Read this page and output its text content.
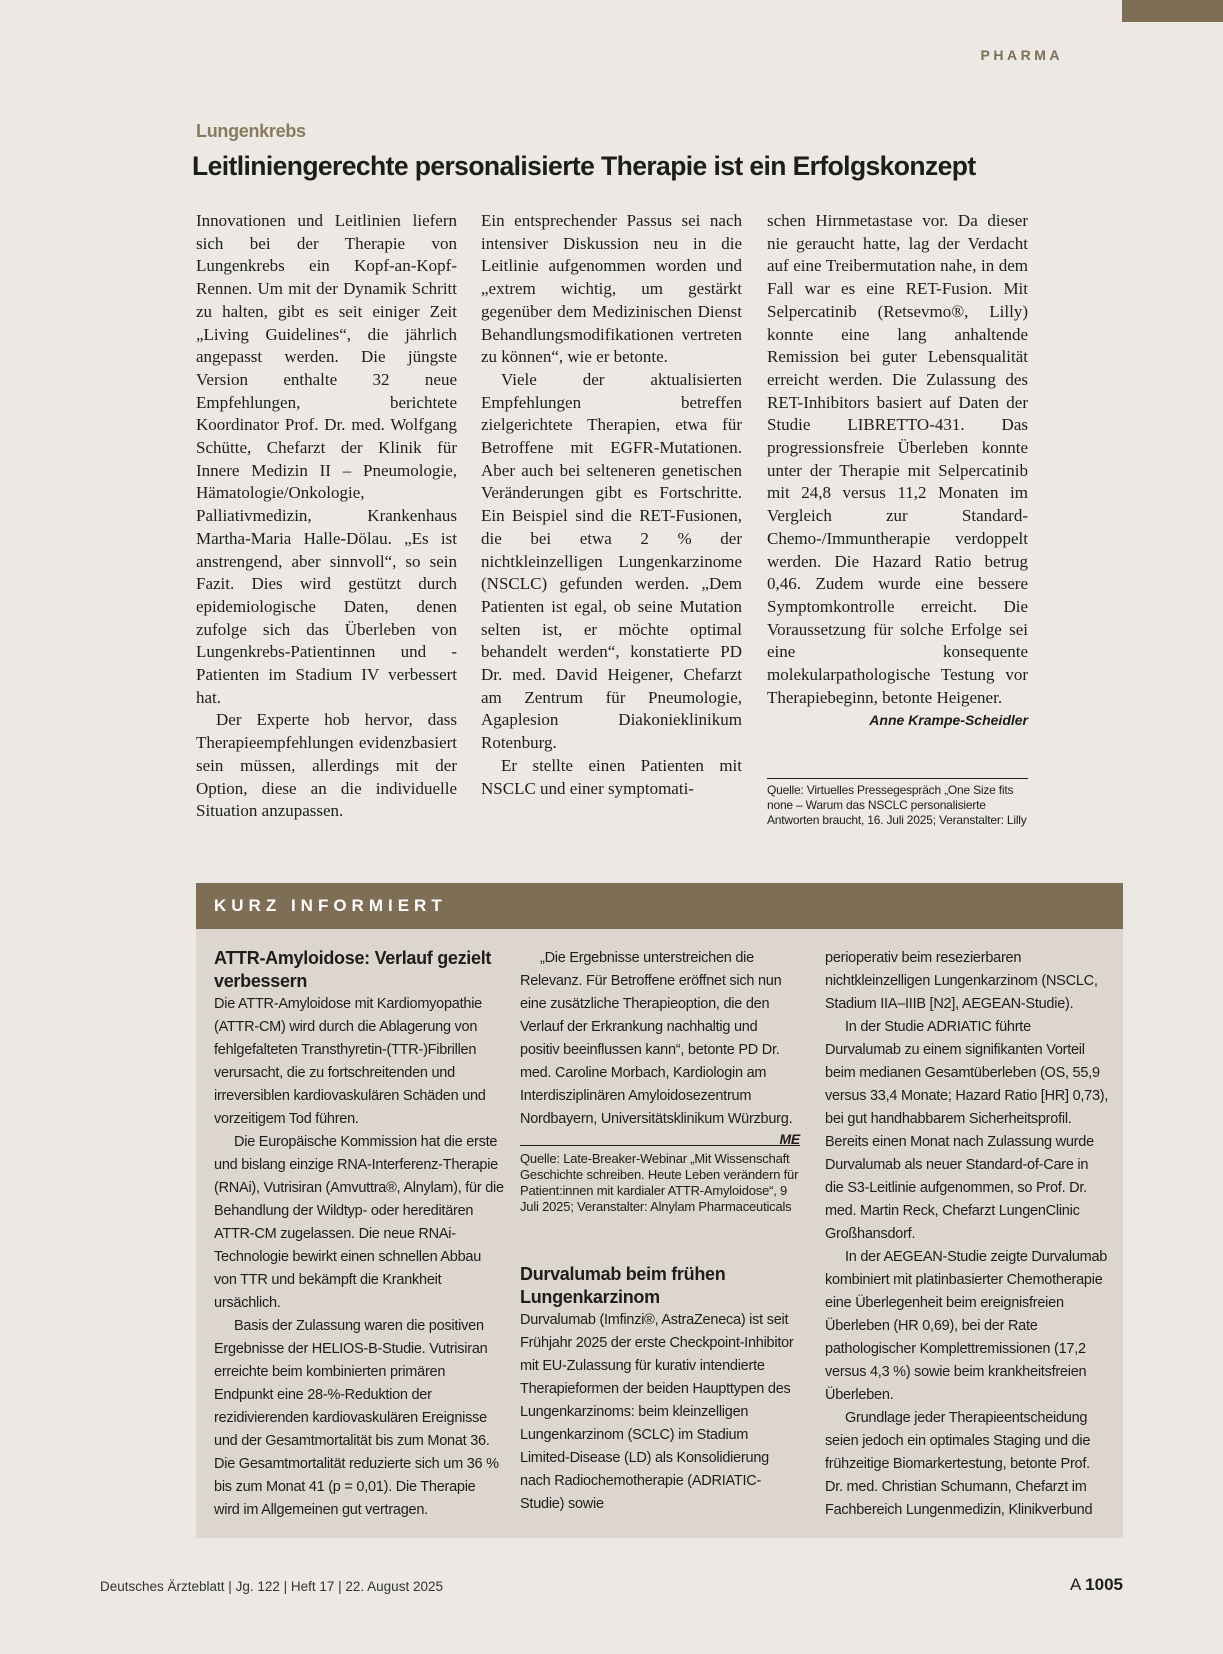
PHARMA
Lungenkrebs
Leitliniengerechte personalisierte Therapie ist ein Erfolgskonzept

Innovationen und Leitlinien liefern sich bei der Therapie von Lungenkrebs ein Kopf-an-Kopf-Rennen. Um mit der Dynamik Schritt zu halten, gibt es seit einiger Zeit „Living Guidelines“, die jährlich angepasst werden. Die jüngste Version enthalte 32 neue Empfehlungen, berichtete Koordinator Prof. Dr. med. Wolfgang Schütte, Chefarzt der Klinik für Innere Medizin II – Pneumologie, Hämatologie/Onkologie, Palliativmedizin, Krankenhaus Martha-Maria Halle-Dölau. „Es ist anstrengend, aber sinnvoll“, so sein Fazit. Dies wird gestützt durch epidemiologische Daten, denen zufolge sich das Überleben von Lungenkrebs-Patientinnen und -Patienten im Stadium IV verbessert hat.

Der Experte hob hervor, dass Therapieempfehlungen evidenzbasiert sein müssen, allerdings mit der Option, diese an die individuelle Situation anzupassen.

Ein entsprechender Passus sei nach intensiver Diskussion neu in die Leitlinie aufgenommen worden und „extrem wichtig, um gestärkt gegenüber dem Medizinischen Dienst Behandlungsmodifikationen vertreten zu können“, wie er betonte.

Viele der aktualisierten Empfehlungen betreffen zielgerichtete Therapien, etwa für Betroffene mit EGFR-Mutationen. Aber auch bei selteneren genetischen Veränderungen gibt es Fortschritte. Ein Beispiel sind die RET-Fusionen, die bei etwa 2 % der nichtkleinzelligen Lungenkarzinome (NSCLC) gefunden werden. „Dem Patienten ist egal, ob seine Mutation selten ist, er möchte optimal behandelt werden“, konstatierte PD Dr. med. David Heigener, Chefarzt am Zentrum für Pneumologie, Agaplesion Diakonieklinikum Rotenburg.

Er stellte einen Patienten mit NSCLC und einer symptomati-

schen Hirnmetastase vor. Da dieser nie geraucht hatte, lag der Verdacht auf eine Treibermutation nahe, in dem Fall war es eine RET-Fusion. Mit Selpercatinib (Retsevmo®, Lilly) konnte eine lang anhaltende Remission bei guter Lebensqualität erreicht werden. Die Zulassung des RET-Inhibitors basiert auf Daten der Studie LIBRETTO-431. Das progressionsfreie Überleben konnte unter der Therapie mit Selpercatinib mit 24,8 versus 11,2 Monaten im Vergleich zur Standard-Chemo-/Immuntherapie verdoppelt werden. Die Hazard Ratio betrug 0,46. Zudem wurde eine bessere Symptomkontrolle erreicht. Die Voraussetzung für solche Erfolge sei eine konsequente molekularpathologische Testung vor Therapiebeginn, betonte Heigener.
Anne Krampe-Scheidler

Quelle: Virtuelles Pressegespräch „One Size fits none – Warum das NSCLC personalisierte Antworten braucht, 16. Juli 2025; Veranstalter: Lilly
KURZ INFORMIERT
ATTR-Amyloidose: Verlauf gezielt verbessern

Die ATTR-Amyloidose mit Kardiomyopathie (ATTR-CM) wird durch die Ablagerung von fehlgefalteten Transthyretin-(TTR-)Fibrillen verursacht, die zu fortschreitenden und irreversiblen kardiovaskulären Schäden und vorzeitigem Tod führen.

Die Europäische Kommission hat die erste und bislang einzige RNA-Interferenz-Therapie (RNAi), Vutrisiran (Amvuttra®, Alnylam), für die Behandlung der Wildtyp- oder hereditären ATTR-CM zugelassen. Die neue RNAi-Technologie bewirkt einen schnellen Abbau von TTR und bekämpft die Krankheit ursächlich.

Basis der Zulassung waren die positiven Ergebnisse der HELIOS-B-Studie. Vutrisiran erreichte beim kombinierten primären Endpunkt eine 28-%-Reduktion der rezidivierenden kardiovaskulären Ereignisse und der Gesamtmortalität bis zum Monat 36. Die Gesamtmortalität reduzierte sich um 36 % bis zum Monat 41 (p = 0,01). Die Therapie wird im Allgemeinen gut vertragen.

„Die Ergebnisse unterstreichen die Relevanz. Für Betroffene eröffnet sich nun eine zusätzliche Therapieoption, die den Verlauf der Erkrankung nachhaltig und positiv beeinflussen kann“, betonte PD Dr. med. Caroline Morbach, Kardiologin am Interdisziplinären Amyloidosezentrum Nordbayern, Universitätsklinikum Würzburg.
ME

Quelle: Late-Breaker-Webinar „Mit Wissenschaft Geschichte schreiben. Heute Leben verändern für Patient:innen mit kardialer ATTR-Amyloidose“, 9 Juli 2025; Veranstalter: Alnylam Pharmaceuticals
Durvalumab beim frühen Lungenkarzinom

Durvalumab (Imfinzi®, AstraZeneca) ist seit Frühjahr 2025 der erste Checkpoint-Inhibitor mit EU-Zulassung für kurativ intendierte Therapieformen der beiden Haupttypen des Lungenkarzinoms: beim kleinzelligen Lungenkarzinom (SCLC) im Stadium Limited-Disease (LD) als Konsolidierung nach Radiochemotherapie (ADRIATIC-Studie) sowie

perioperativ beim resezierbaren nichtkleinzelligen Lungenkarzinom (NSCLC, Stadium IIA–IIIB [N2], AEGEAN-Studie).

In der Studie ADRIATIC führte Durvalumab zu einem signifikanten Vorteil beim medianen Gesamtüberleben (OS, 55,9 versus 33,4 Monate; Hazard Ratio [HR] 0,73), bei gut handhabbarem Sicherheitsprofil. Bereits einen Monat nach Zulassung wurde Durvalumab als neuer Standard-of-Care in die S3-Leitlinie aufgenommen, so Prof. Dr. med. Martin Reck, Chefarzt LungenClinic Großhansdorf.

In der AEGEAN-Studie zeigte Durvalumab kombiniert mit platinbasierter Chemotherapie eine Überlegenheit beim ereignisfreien Überleben (HR 0,69), bei der Rate pathologischer Komplettremissionen (17,2 versus 4,3 %) sowie beim krankheitsfreien Überleben.

Grundlage jeder Therapieentscheidung seien jedoch ein optimales Staging und die frühzeitige Biomarkertestung, betonte Prof. Dr. med. Christian Schumann, Chefarzt im Fachbereich Lungenmedizin, Klinikverbund

Deutsches Ärzteblatt | Jg. 122 | Heft 17 | 22. August 2025	A 1005
